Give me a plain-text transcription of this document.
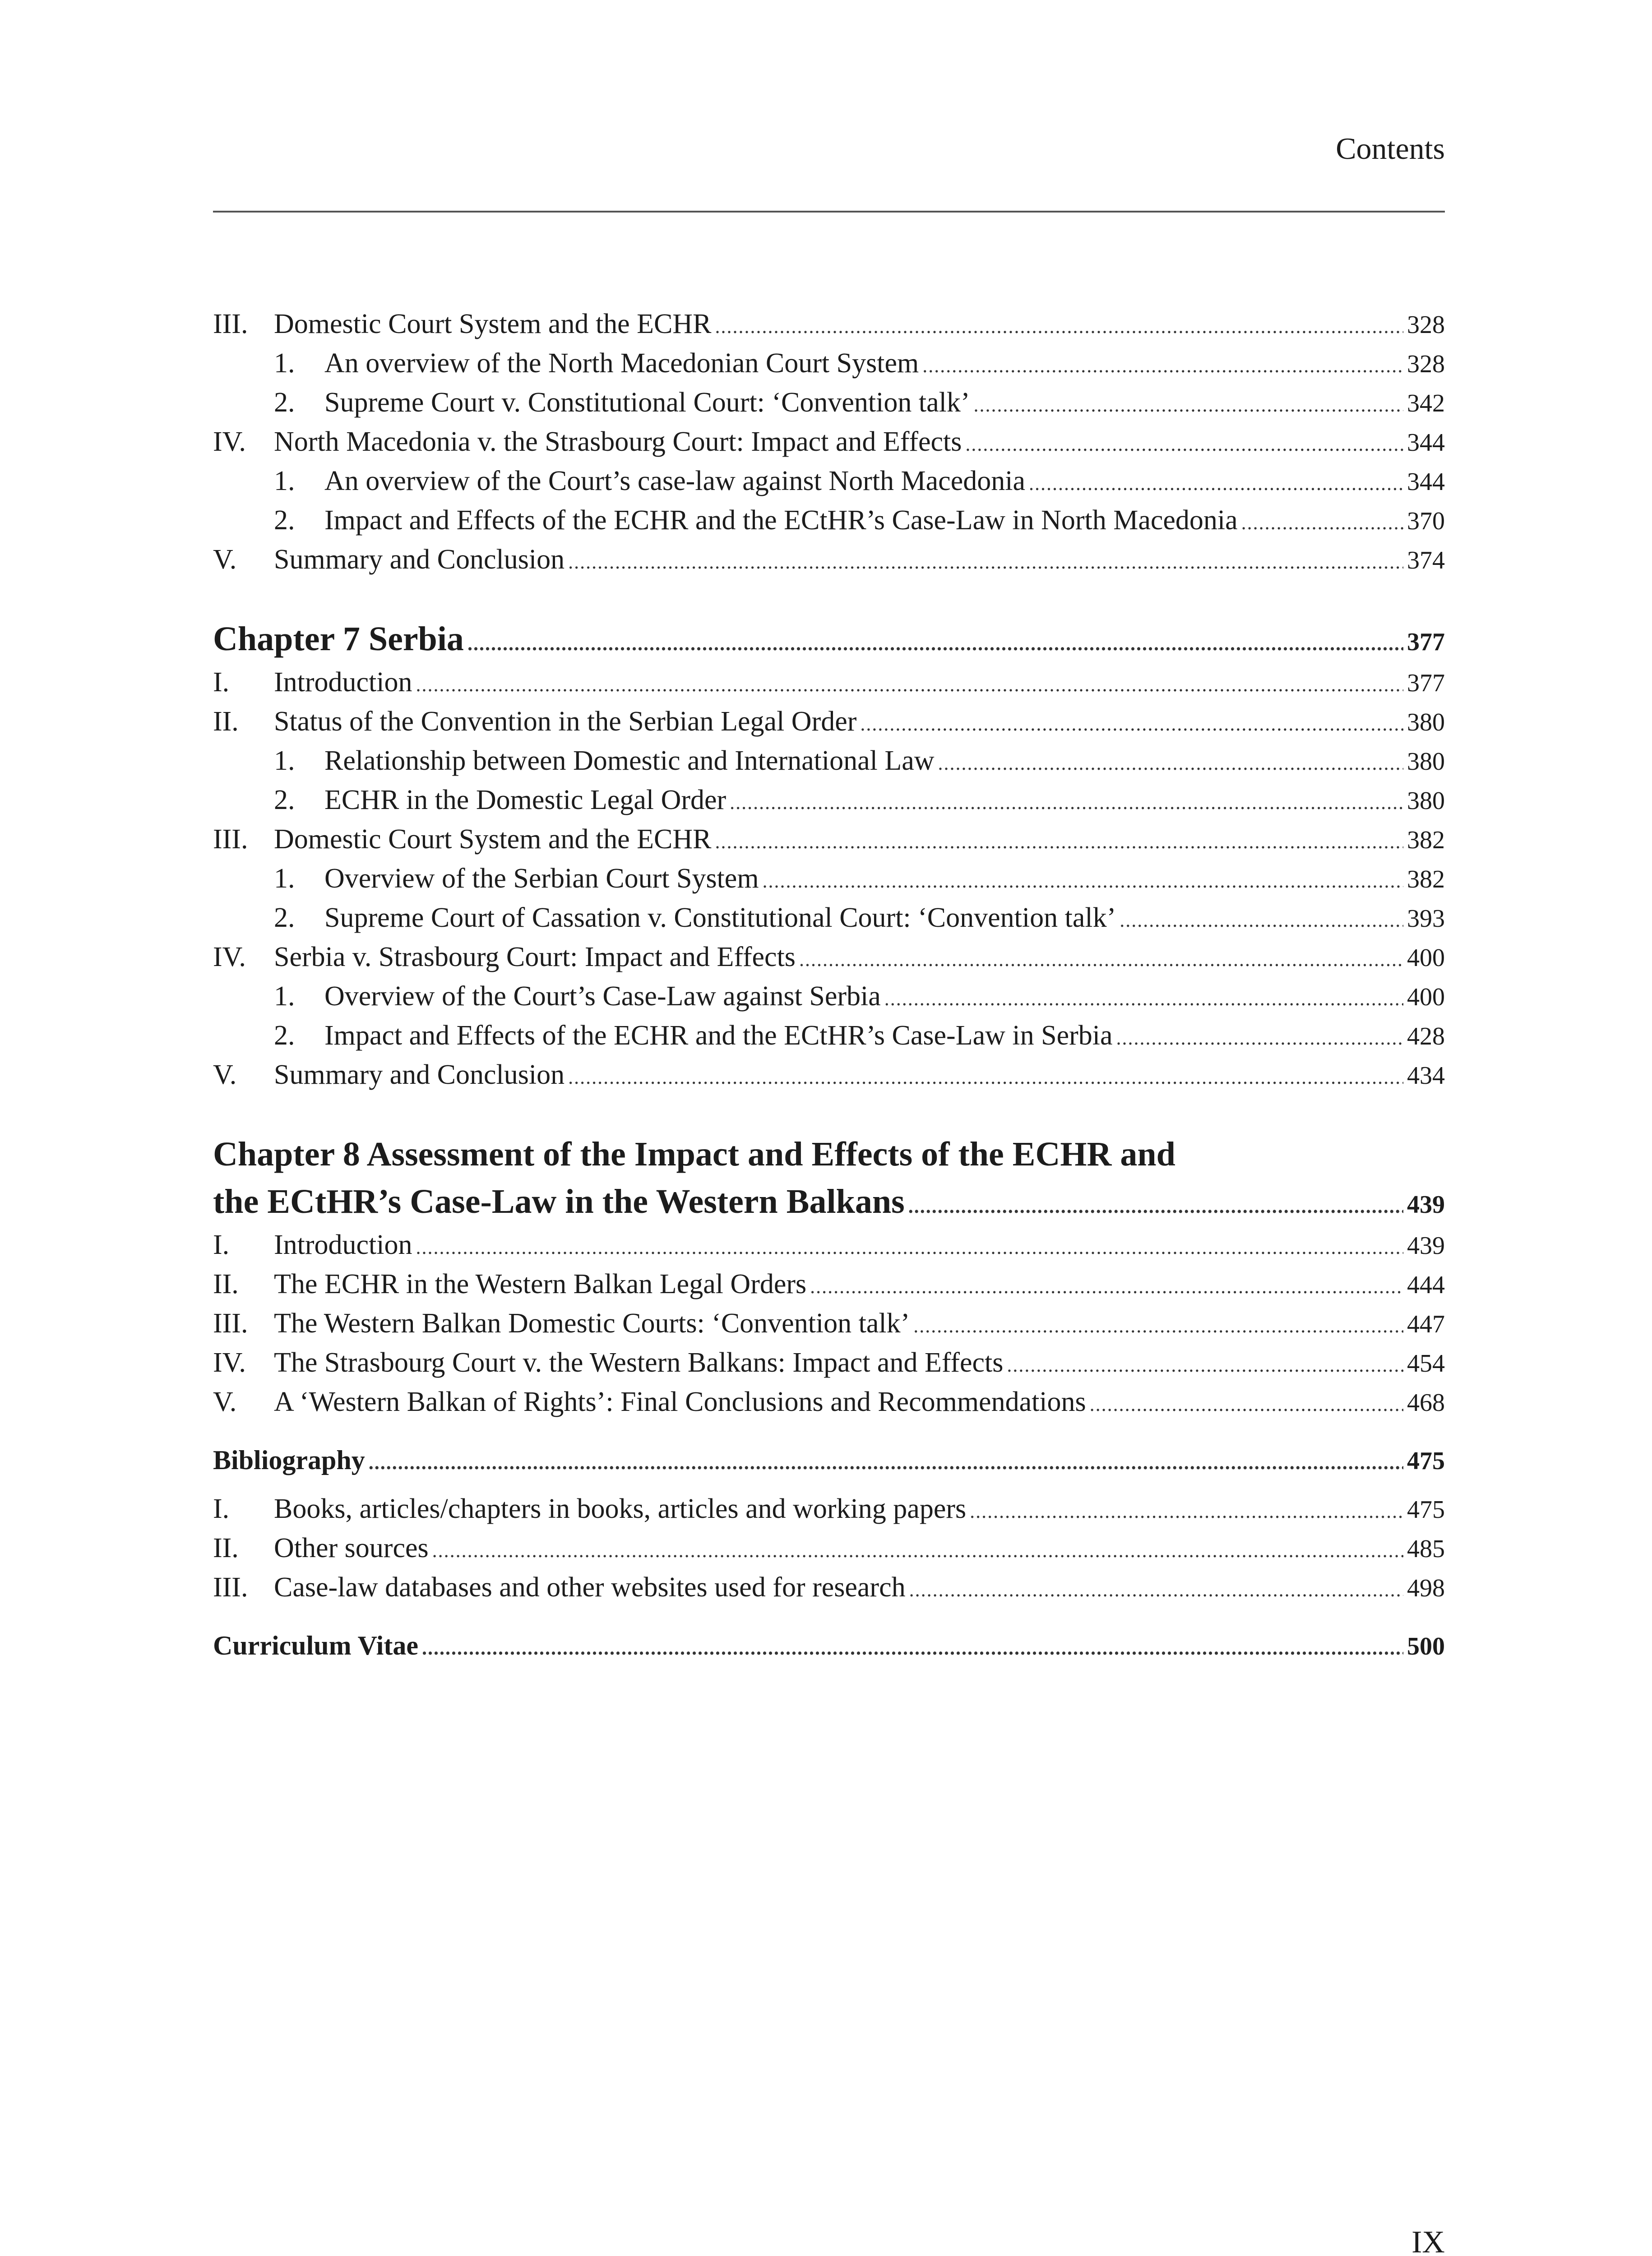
Contents
III. Domestic Court System and the ECHR .....	328
1.	An overview of the North Macedonian Court System .....	328
2.	Supreme Court v. Constitutional Court: ‘Convention talk’ .....	342
IV.	North Macedonia v. the Strasbourg Court: Impact and Effects .....	344
1.	An overview of the Court’s case-law against North Macedonia .....	344
2.	Impact and Effects of the ECHR and the ECtHR’s Case-Law in North Macedonia .....	370
V.	Summary and Conclusion .....	374
Chapter 7 Serbia .....	377
I.	Introduction .....	377
II.	Status of the Convention in the Serbian Legal Order .....	380
1.	Relationship between Domestic and International Law .....	380
2.	ECHR in the Domestic Legal Order .....	380
III. Domestic Court System and the ECHR .....	382
1.	Overview of the Serbian Court System .....	382
2.	Supreme Court of Cassation v. Constitutional Court: ‘Convention talk’ .....	393
IV.	Serbia v. Strasbourg Court: Impact and Effects .....	400
1.	Overview of the Court’s Case-Law against Serbia .....	400
2.	Impact and Effects of the ECHR and the ECtHR’s Case-Law in Serbia .....	428
V.	Summary and Conclusion .....	434
Chapter 8 Assessment of the Impact and Effects of the ECHR and
the ECtHR’s Case-Law in the Western Balkans .....	439
I.	Introduction .....	439
II.	The ECHR in the Western Balkan Legal Orders .....	444
III. The Western Balkan Domestic Courts: ‘Convention talk’ .....	447
IV.	The Strasbourg Court v. the Western Balkans: Impact and Effects .....	454
V.	A ‘Western Balkan of Rights’: Final Conclusions and Recommendations .....	468
Bibliography .....	475
I.	Books, articles/chapters in books, articles and working papers .....	475
II.	Other sources .....	485
III. Case-law databases and other websites used for research .....	498
Curriculum Vitae .....	500
IX
